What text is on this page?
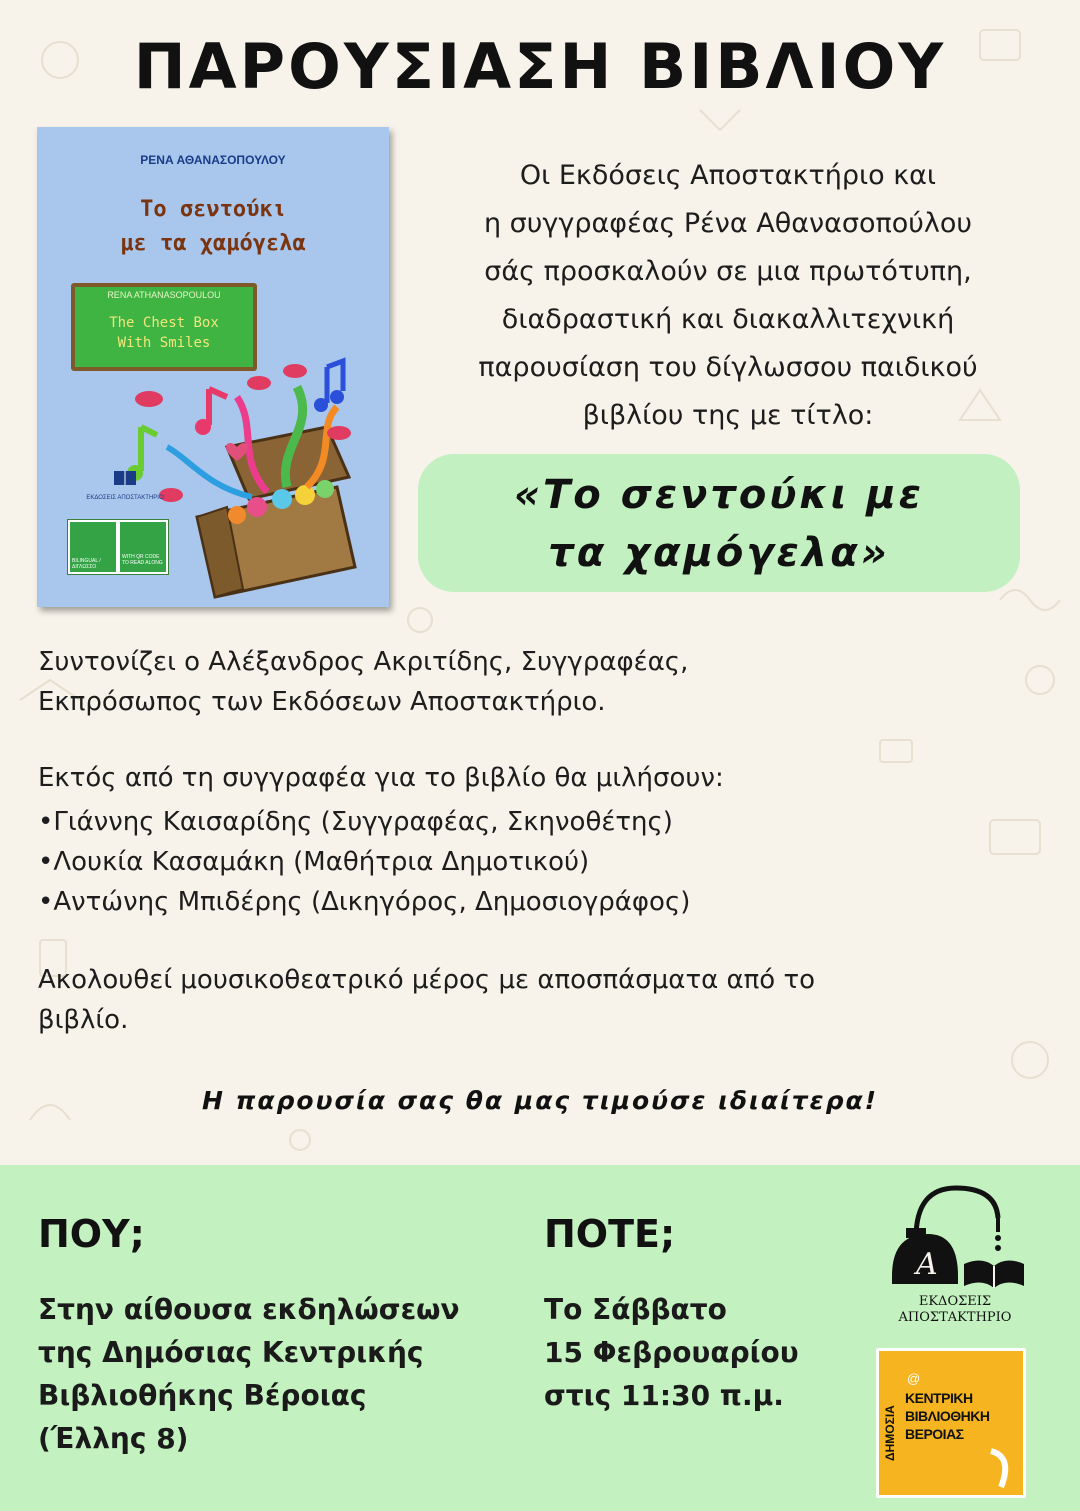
ΠΑΡΟΥΣΙΑΣΗ ΒΙΒΛΙΟΥ
ΡΕΝΑ ΑΘΑΝΑΣΟΠΟΥΛΟΥ
Το σεντούκι
με τα χαμόγελα
RENA ATHANASOPOULOU
The Chest Box
With Smiles
ΕΚΔΟΣΕΙΣ ΑΠΟΣΤΑΚΤΗΡΙΟ
BILINGUAL / ΔΙΓΛΩΣΣΟ
WITH QR CODE TO READ ALONG
Οι Εκδόσεις Αποστακτήριο και
η συγγραφέας Ρένα Αθανασοπούλου
σάς προσκαλούν σε μια πρωτότυπη,
διαδραστική και διακαλλιτεχνική
παρουσίαση του δίγλωσσου παιδικού
βιβλίου της με τίτλο:
«Το σεντούκι με
τα χαμόγελα»
Συντονίζει ο Αλέξανδρος Ακριτίδης, Συγγραφέας,
Εκπρόσωπος των Εκδόσεων Αποστακτήριο.
Εκτός από τη συγγραφέα για το βιβλίο θα μιλήσουν:
•Γιάννης Καισαρίδης (Συγγραφέας, Σκηνοθέτης)
•Λουκία Κασαμάκη (Μαθήτρια Δημοτικού)
•Αντώνης Μπιδέρης (Δικηγόρος, Δημοσιογράφος)
Ακολουθεί μουσικοθεατρικό μέρος με αποσπάσματα από το
βιβλίο.
Η παρουσία σας θα μας τιμούσε ιδιαίτερα!
ΠΟΥ;
Στην αίθουσα εκδηλώσεων
της Δημόσιας Κεντρικής
Βιβλιοθήκης Βέροιας
(Έλλης 8)
ΠΟΤΕ;
Το Σάββατο
15 Φεβρουαρίου
στις 11:30 π.μ.
A
ΕΚΔΟΣΕΙΣ
ΑΠΟΣΤΑΚΤΗΡΙΟ
@
ΔΗΜΟΣΙΑ
ΚΕΝΤΡΙΚΗ
ΒΙΒΛΙΟΘΗΚΗ
ΒΕΡΟΙΑΣ
